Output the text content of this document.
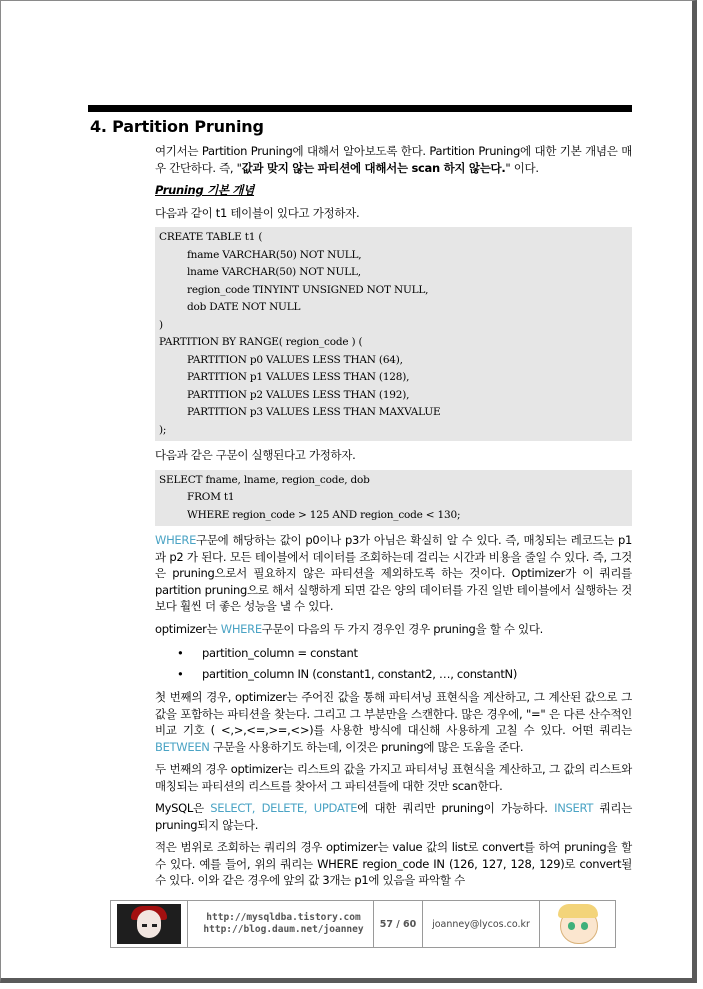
4. Partition Pruning

여기서는 Partition Pruning에 대해서 알아보도록 한다. Partition Pruning에 대한 기본 개념은 매우 간단하다. 즉, "값과 맞지 않는 파티션에 대해서는 scan 하지 않는다." 이다.

Pruning 기본 개념

다음과 같이 t1 테이블이 있다고 가정하자.

CREATE TABLE t1 (
fname VARCHAR(50) NOT NULL,
lname VARCHAR(50) NOT NULL,
region_code TINYINT UNSIGNED NOT NULL,
dob DATE NOT NULL
)
PARTITION BY RANGE( region_code ) (
PARTITION p0 VALUES LESS THAN (64),
PARTITION p1 VALUES LESS THAN (128),
PARTITION p2 VALUES LESS THAN (192),
PARTITION p3 VALUES LESS THAN MAXVALUE
);

다음과 같은 구문이 실행된다고 가정하자.

SELECT fname, lname, region_code, dob
FROM t1
WHERE region_code > 125 AND region_code < 130;

WHERE구문에 해당하는 값이 p0이나 p3가 아님은 확실히 알 수 있다. 즉, 매칭되는 레코드는 p1 과 p2 가 된다. 모든 테이블에서 데이터를 조회하는데 걸리는 시간과 비용을 줄일 수 있다. 즉, 그것은 pruning으로서 필요하지 않은 파티션을 제외하도록 하는 것이다. Optimizer가 이 쿼리를 partition pruning으로 해서 실행하게 되면 같은 양의 데이터를 가진 일반 테이블에서 실행하는 것 보다 훨씬 더 좋은 성능을 낼 수 있다.

optimizer는 WHERE구문이 다음의 두 가지 경우인 경우 pruning을 할 수 있다.

• partition_column = constant
• partition_column IN (constant1, constant2, …, constantN)

첫 번째의 경우, optimizer는 주어진 값을 통해 파티셔닝 표현식을 계산하고, 그 계산된 값으로 그 값을 포함하는 파티션을 찾는다. 그리고 그 부분만을 스캔한다. 많은 경우에, "=" 은 다른 산수적인 비교 기호 ( <,>,<=,>=,<>)를 사용한 방식에 대신해 사용하게 고칠 수 있다. 어떤 쿼리는 BETWEEN 구문을 사용하기도 하는데, 이것은 pruning에 많은 도움을 준다.

두 번째의 경우 optimizer는 리스트의 값을 가지고 파티셔닝 표현식을 계산하고, 그 값의 리스트와 매칭되는 파티션의 리스트를 찾아서 그 파티션들에 대한 것만 scan한다.

MySQL은 SELECT, DELETE, UPDATE에 대한 쿼리만 pruning이 가능하다. INSERT 쿼리는 pruning되지 않는다.

적은 범위로 조회하는 쿼리의 경우 optimizer는 value 값의 list로 convert를 하여 pruning을 할 수 있다. 예를 들어, 위의 쿼리는 WHERE region_code IN (126, 127, 128, 129)로 convert될 수 있다. 이와 같은 경우에 앞의 값 3개는 p1에 있음을 파악할 수

http://mysqldba.tistory.com
http://blog.daum.net/joanney	57 / 60	joanney@lycos.co.kr
